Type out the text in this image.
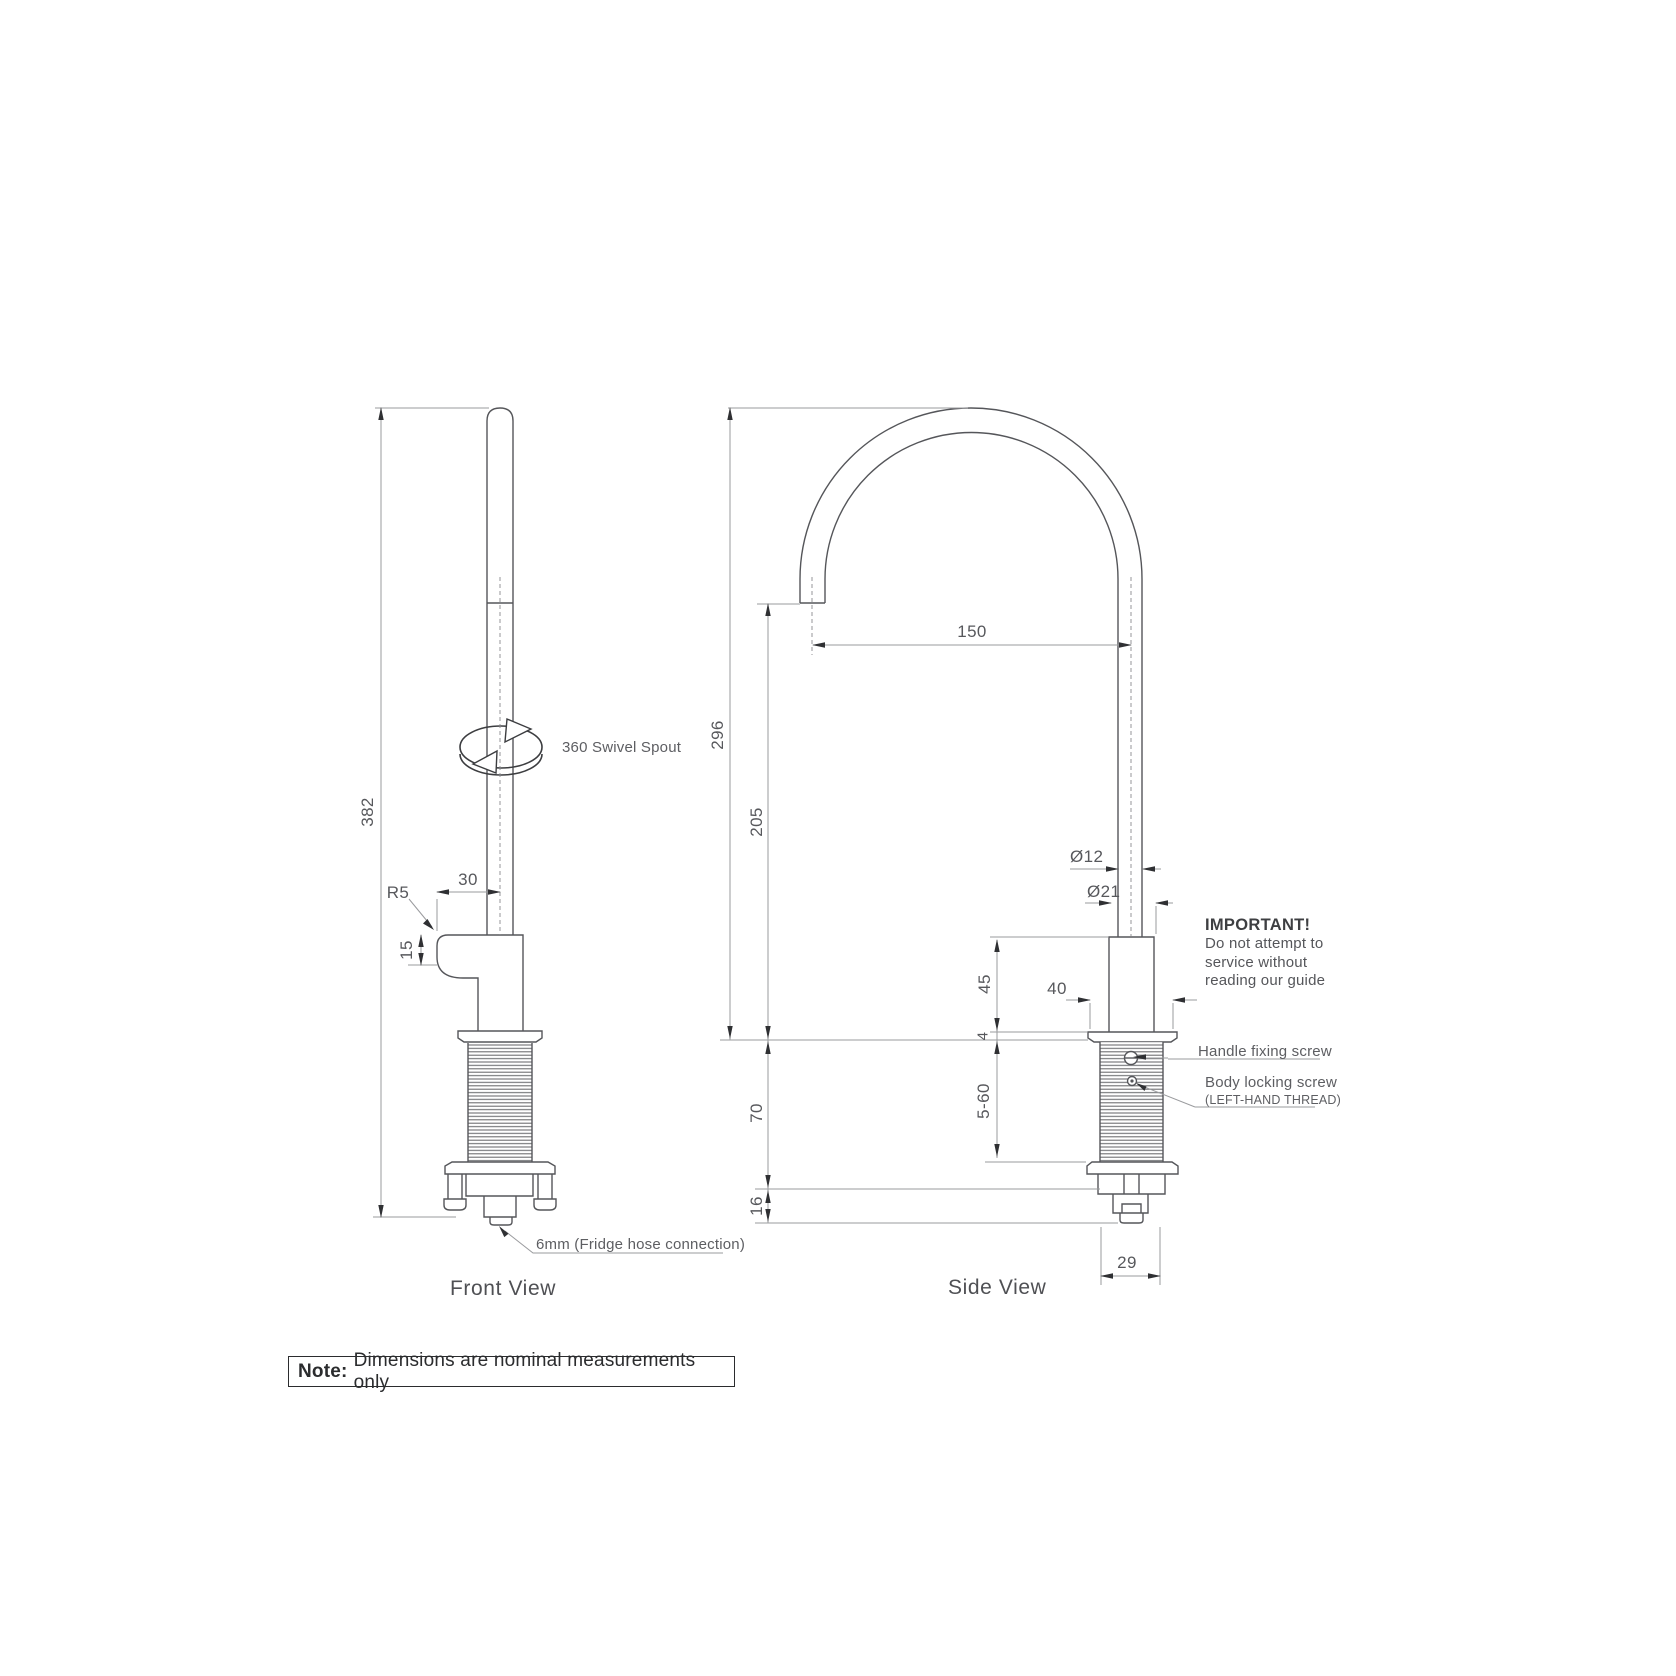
382
30
R5
15
360 Swivel Spout
6mm (Fridge hose connection)
Front View
150
296
205
70
16
Ø12
Ø21
45	40
4
5-60
29
IMPORTANT!
Do not attempt to
service without
reading our guide
Handle fixing screw
Body locking screw
(LEFT-HAND THREAD)
Side View
Note:
Dimensions are nominal measurements only
